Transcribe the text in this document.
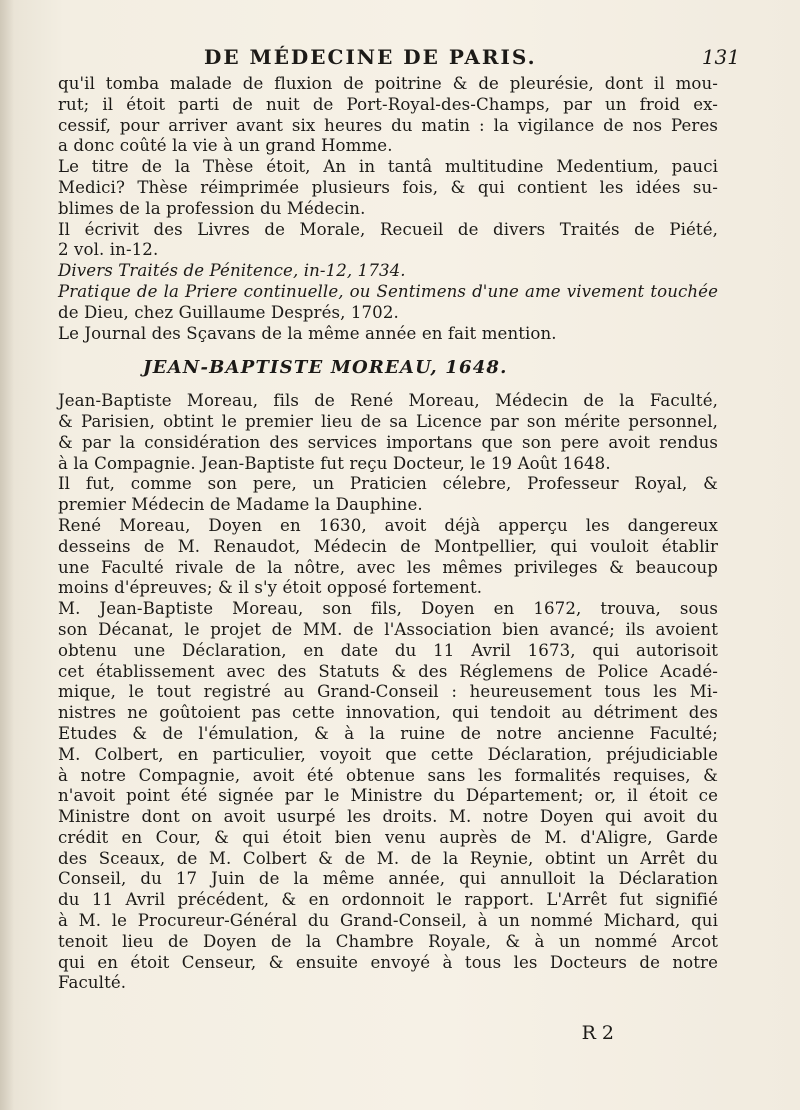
DE MÉDECINE DE PARIS.	131
qu'il tomba malade de fluxion de poitrine & de pleurésie, dont il mou-
rut; il étoit parti de nuit de Port-Royal-des-Champs, par un froid ex-
cessif, pour arriver avant six heures du matin : la vigilance de nos Peres
a donc coûté la vie à un grand Homme.
Le titre de la Thèse étoit, An in tantâ multitudine Medentium, pauci
Medici? Thèse réimprimée plusieurs fois, & qui contient les idées su-
blimes de la profession du Médecin.
Il écrivit des Livres de Morale, Recueil de divers Traités de Piété,
2 vol. in-12.
Divers Traités de Pénitence, in-12, 1734.
Pratique de la Priere continuelle, ou Sentimens d'une ame vivement touchée
de Dieu, chez Guillaume Després, 1702.
Le Journal des Sçavans de la même année en fait mention.
JEAN-BAPTISTE MOREAU, 1648.
Jean-Baptiste Moreau, fils de René Moreau, Médecin de la Faculté,
& Parisien, obtint le premier lieu de sa Licence par son mérite personnel,
& par la considération des services importans que son pere avoit rendus
à la Compagnie. Jean-Baptiste fut reçu Docteur, le 19 Août 1648.
Il fut, comme son pere, un Praticien célebre, Professeur Royal, &
premier Médecin de Madame la Dauphine.
René Moreau, Doyen en 1630, avoit déjà apperçu les dangereux
desseins de M. Renaudot, Médecin de Montpellier, qui vouloit établir
une Faculté rivale de la nôtre, avec les mêmes privileges & beaucoup
moins d'épreuves; & il s'y étoit opposé fortement.
M. Jean-Baptiste Moreau, son fils, Doyen en 1672, trouva, sous
son Décanat, le projet de MM. de l'Association bien avancé; ils avoient
obtenu une Déclaration, en date du 11 Avril 1673, qui autorisoit
cet établissement avec des Statuts & des Réglemens de Police Acadé-
mique, le tout registré au Grand-Conseil : heureusement tous les Mi-
nistres ne goûtoient pas cette innovation, qui tendoit au détriment des
Etudes & de l'émulation, & à la ruine de notre ancienne Faculté;
M. Colbert, en particulier, voyoit que cette Déclaration, préjudiciable
à notre Compagnie, avoit été obtenue sans les formalités requises, &
n'avoit point été signée par le Ministre du Département; or, il étoit ce
Ministre dont on avoit usurpé les droits. M. notre Doyen qui avoit du
crédit en Cour, & qui étoit bien venu auprès de M. d'Aligre, Garde
des Sceaux, de M. Colbert & de M. de la Reynie, obtint un Arrêt du
Conseil, du 17 Juin de la même année, qui annulloit la Déclaration
du 11 Avril précédent, & en ordonnoit le rapport. L'Arrêt fut signifié
à M. le Procureur-Général du Grand-Conseil, à un nommé Michard, qui
tenoit lieu de Doyen de la Chambre Royale, & à un nommé Arcot
qui en étoit Censeur, & ensuite envoyé à tous les Docteurs de notre
Faculté.
R 2
